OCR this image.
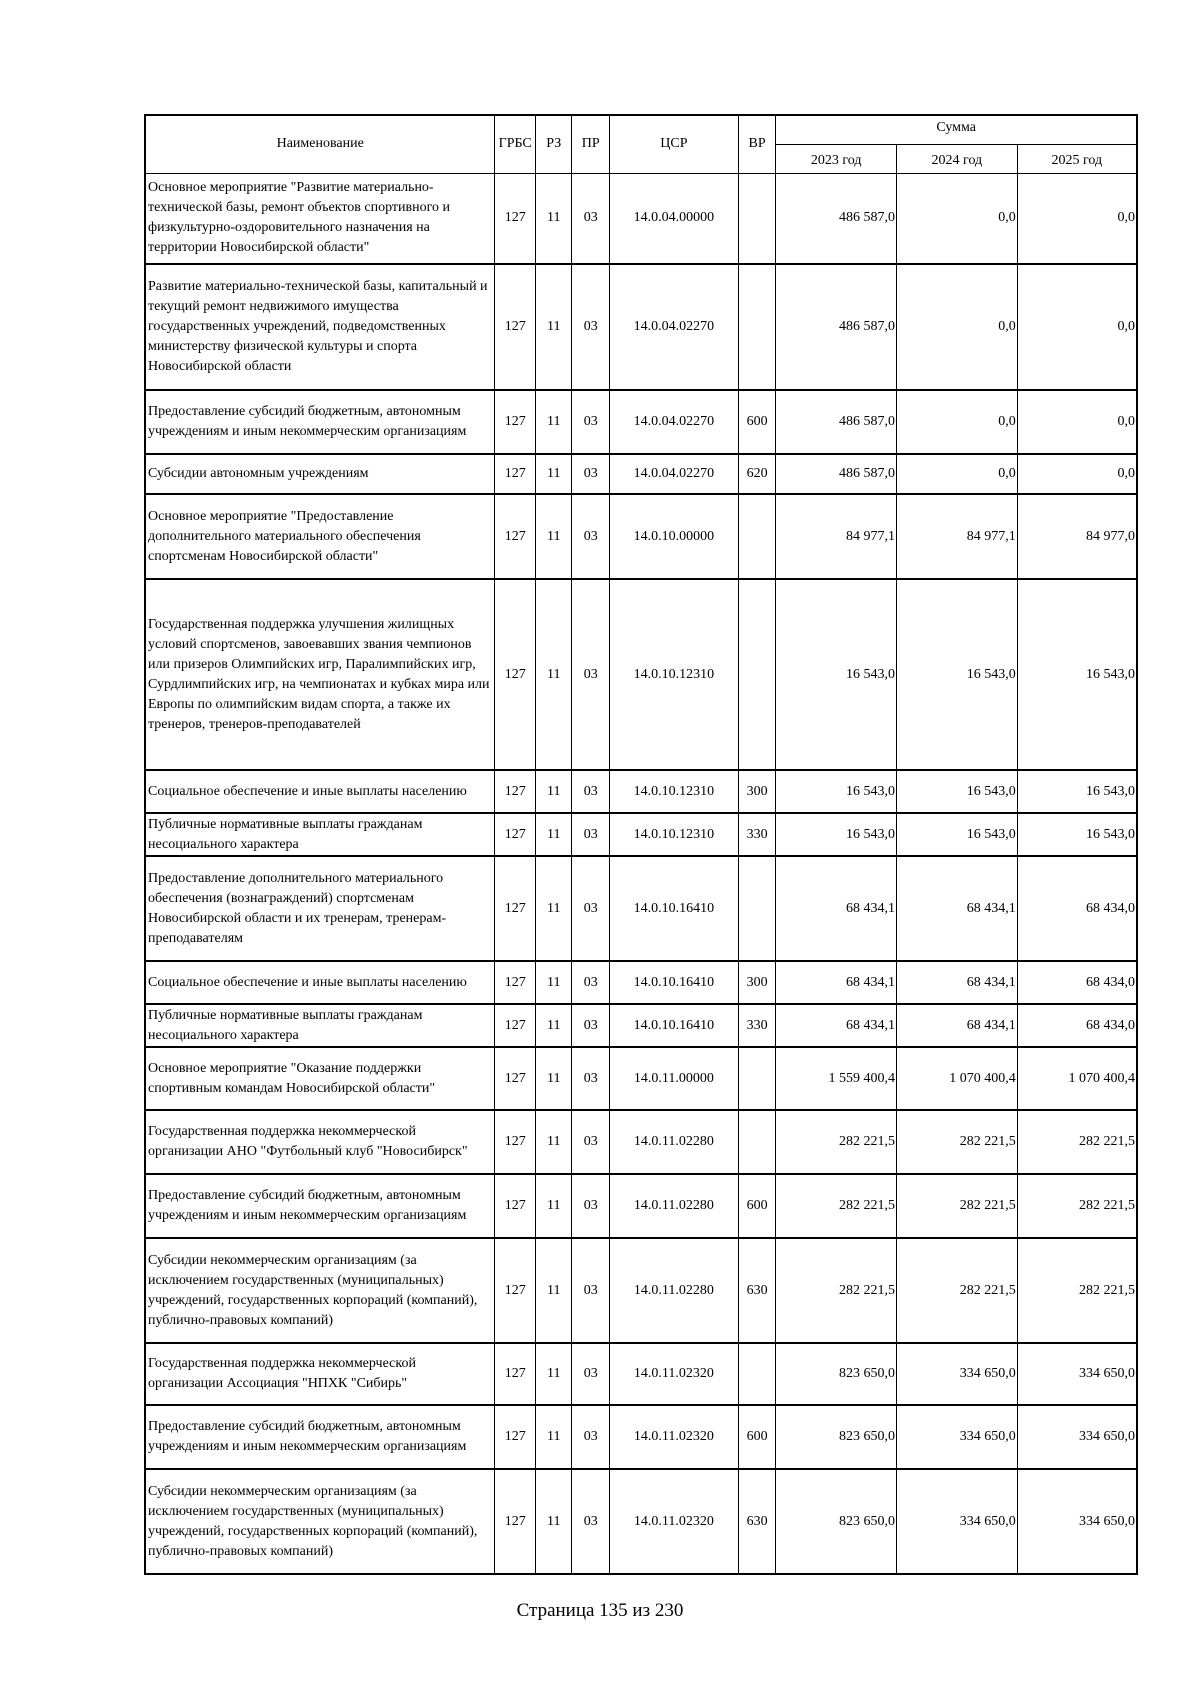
Наименование	ГРБС	РЗ	ПР	ЦСР	ВР	Сумма		
						2023 год	2024 год	2025 год
Основное мероприятие "Развитие материально-технической базы, ремонт объектов спортивного и физкультурно-оздоровительного назначения на территории Новосибирской области"	127	11	03	14.0.04.00000		486 587,0	0,0	0,0
Развитие материально-технической базы, капитальный и текущий ремонт недвижимого имущества государственных учреждений, подведомственных министерству физической культуры и спорта Новосибирской области	127	11	03	14.0.04.02270		486 587,0	0,0	0,0
Предоставление субсидий бюджетным, автономным учреждениям и иным некоммерческим организациям	127	11	03	14.0.04.02270	600	486 587,0	0,0	0,0
Субсидии автономным учреждениям	127	11	03	14.0.04.02270	620	486 587,0	0,0	0,0
Основное мероприятие "Предоставление дополнительного материального обеспечения спортсменам Новосибирской области"	127	11	03	14.0.10.00000		84 977,1	84 977,1	84 977,0
Государственная поддержка улучшения жилищных условий спортсменов, завоевавших звания чемпионов или призеров Олимпийских игр, Паралимпийских игр, Сурдлимпийских игр, на чемпионатах и кубках мира или Европы по олимпийским видам спорта, а также их тренеров, тренеров-преподавателей	127	11	03	14.0.10.12310		16 543,0	16 543,0	16 543,0
Социальное обеспечение и иные выплаты населению	127	11	03	14.0.10.12310	300	16 543,0	16 543,0	16 543,0
Публичные нормативные выплаты гражданам несоциального характера	127	11	03	14.0.10.12310	330	16 543,0	16 543,0	16 543,0
Предоставление дополнительного материального обеспечения (вознаграждений) спортсменам Новосибирской области и их тренерам, тренерам-преподавателям	127	11	03	14.0.10.16410		68 434,1	68 434,1	68 434,0
Социальное обеспечение и иные выплаты населению	127	11	03	14.0.10.16410	300	68 434,1	68 434,1	68 434,0
Публичные нормативные выплаты гражданам несоциального характера	127	11	03	14.0.10.16410	330	68 434,1	68 434,1	68 434,0
Основное мероприятие "Оказание поддержки спортивным командам Новосибирской области"	127	11	03	14.0.11.00000		1 559 400,4	1 070 400,4	1 070 400,4
Государственная поддержка некоммерческой организации АНО "Футбольный клуб "Новосибирск"	127	11	03	14.0.11.02280		282 221,5	282 221,5	282 221,5
Предоставление субсидий бюджетным, автономным учреждениям и иным некоммерческим организациям	127	11	03	14.0.11.02280	600	282 221,5	282 221,5	282 221,5
Субсидии некоммерческим организациям (за исключением государственных (муниципальных) учреждений, государственных корпораций (компаний), публично-правовых компаний)	127	11	03	14.0.11.02280	630	282 221,5	282 221,5	282 221,5
Государственная поддержка некоммерческой организации Ассоциация "НПХК "Сибирь"	127	11	03	14.0.11.02320		823 650,0	334 650,0	334 650,0
Предоставление субсидий бюджетным, автономным учреждениям и иным некоммерческим организациям	127	11	03	14.0.11.02320	600	823 650,0	334 650,0	334 650,0
Субсидии некоммерческим организациям (за исключением государственных (муниципальных) учреждений, государственных корпораций (компаний), публично-правовых компаний)	127	11	03	14.0.11.02320	630	823 650,0	334 650,0	334 650,0
Страница 135 из 230
